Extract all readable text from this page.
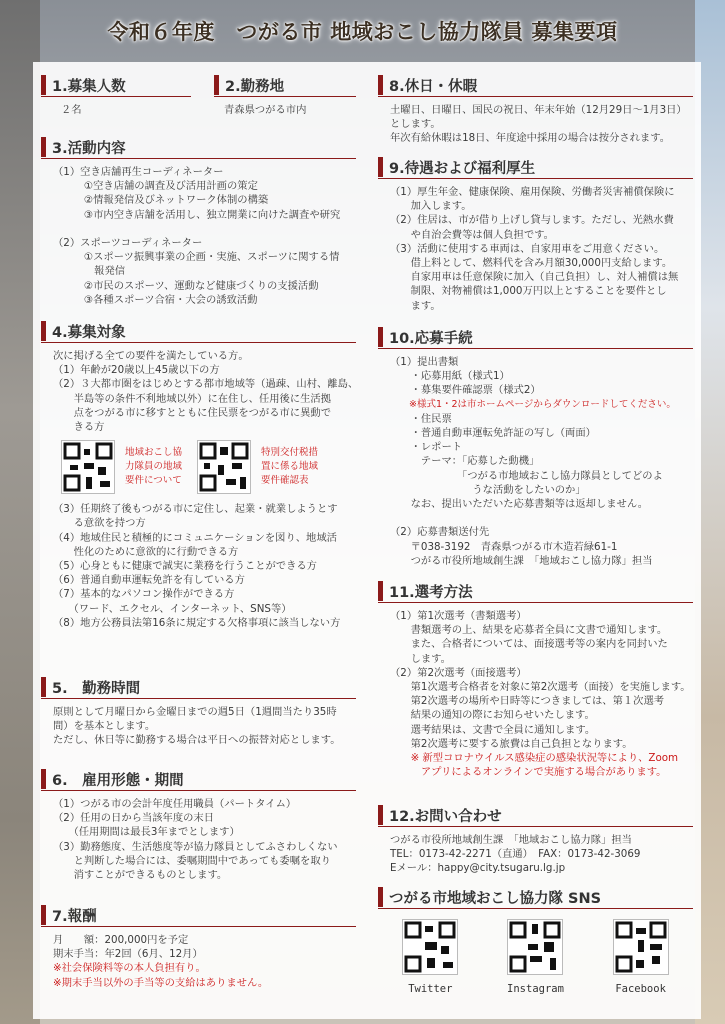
令和６年度　つがる市 地域おこし協力隊員 募集要項
1.募集人数
２名
2.勤務地
青森県つがる市内
3.活動内容
（1）空き店舗再生コーディネーター
　　　①空き店舗の調査及び活用計画の策定
　　　②情報発信及びネットワーク体制の構築
　　　③市内空き店舗を活用し、独立開業に向けた調査や研究

（2）スポーツコーディネーター
　　　①スポーツ振興事業の企画・実施、スポーツに関する情
　　　　報発信
　　　②市民のスポーツ、運動など健康づくりの支援活動
　　　③各種スポーツ合宿・大会の誘致活動
4.募集対象
次に掲げる全ての要件を満たしている方。
（1）年齢が20歳以上45歳以下の方
（2）３大都市圏をはじめとする都市地域等（過疎、山村、離島、
　　半島等の条件不利地域以外）に在住し、任用後に生活拠
　　点をつがる市に移すとともに住民票をつがる市に異動で
　　きる方
地域おこし協
力隊員の地域
要件について
特別交付税措
置に係る地域
要件確認表
（3）任期終了後もつがる市に定住し、起業・就業しようとす
　　る意欲を持つ方
（4）地域住民と積極的にコミュニケーションを図り、地域活
　　性化のために意欲的に行動できる方
（5）心身ともに健康で誠実に業務を行うことができる方
（6）普通自動車運転免許を有している方
（7）基本的なパソコン操作ができる方
　　（ワード、エクセル、インターネット、SNS等）
（8）地方公務員法第16条に規定する欠格事項に該当しない方
5.　勤務時間
原則として月曜日から金曜日までの週5日（1週間当たり35時
間）を基本とします。
ただし、休日等に勤務する場合は平日への振替対応とします。
6.　雇用形態・期間
（1）つがる市の会計年度任用職員（パートタイム）
（2）任用の日から当該年度の末日
　　（任用期間は最長3年までとします）
（3）勤務態度、生活態度等が協力隊員としてふさわしくない
　　と判断した場合には、委嘱期間中であっても委嘱を取り
　　消すことができるものとします。
7.報酬
月　　額：200,000円を予定
期末手当：年2回（6月、12月）
※社会保険料等の本人負担有り。
※期末手当以外の手当等の支給はありません。
8.休日・休暇
土曜日、日曜日、国民の祝日、年末年始（12月29日～1月3日）
とします。
年次有給休暇は18日、年度途中採用の場合は按分されます。
9.待遇および福利厚生
（1）厚生年金、健康保険、雇用保険、労働者災害補償保険に
　　加入します。
（2）住居は、市が借り上げし貸与します。ただし、光熱水費
　　や自治会費等は個人負担です。
（3）活動に使用する車両は、自家用車をご用意ください。
　　借上料として、燃料代を含み月額30,000円支給します。
　　自家用車は任意保険に加入（自己負担）し、対人補償は無
　　制限、対物補償は1,000万円以上とすることを要件とし
　　ます。
10.応募手続
（1）提出書類
　　・応募用紙（様式1）
　　・募集要件確認票（様式2）
　　※様式1・2は市ホームページからダウンロードしてください。
　　・住民票
　　・普通自動車運転免許証の写し（両面）
　　・レポート
　　　テーマ：「応募した動機」
　　　　　　　「つがる市地域おこし協力隊員としてどのよ
　　　　　　　　うな活動をしたいのか」
　　なお、提出いただいた応募書類等は返却しません。

（2）応募書類送付先
　　〒038-3192　青森県つがる市木造若緑61-1
　　つがる市役所地域創生課　「地域おこし協力隊」担当
11.選考方法
（1）第1次選考（書類選考）
　　書類選考の上、結果を応募者全員に文書で通知します。
　　また、合格者については、面接選考等の案内を同封いた
　　します。
（2）第2次選考（面接選考）
　　第1次選考合格者を対象に第2次選考（面接）を実施します。
　　第2次選考の場所や日時等につきましては、第１次選考
　　結果の通知の際にお知らせいたします。
　　選考結果は、文書で全員に通知します。
　　第2次選考に要する旅費は自己負担となります。
　　※ 新型コロナウイルス感染症の感染状況等により、Zoom
　　　アプリによるオンラインで実施する場合があります。
12.お問い合わせ
つがる市役所地域創生課　「地域おこし協力隊」担当
TEL：0173-42-2271（直通）　FAX：0173-42-3069
Eメール：happy@city.tsugaru.lg.jp
つがる市地域おこし協力隊 SNS
Twitter	Instagram	Facebook
